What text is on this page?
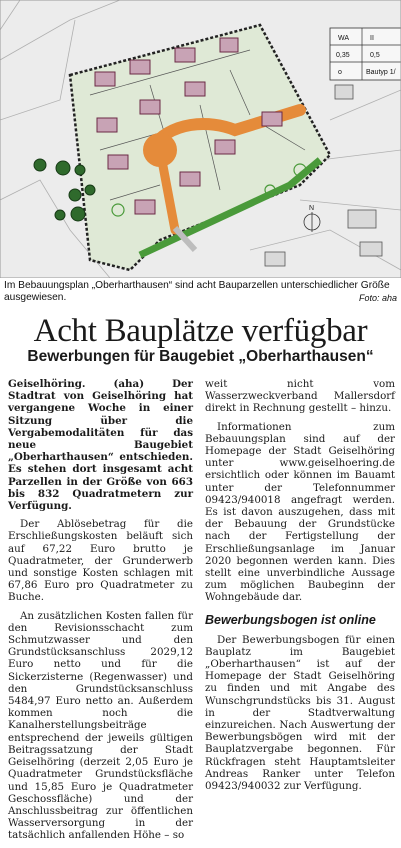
N
WA	II
0,35	0,5
o	Bautyp 1/
Im Bebauungsplan „Oberharthausen“ sind acht Bauparzellen unterschiedlicher Größe ausgewiesen.	Foto: aha
Acht Bauplätze verfügbar
Bewerbungen für Baugebiet „Oberharthausen“

Geiselhöring. (aha) Der Stadtrat von Geiselhöring hat vergangene Woche in einer Sitzung über die Vergabemodalitäten für das neue Baugebiet „Oberharthausen“ entschieden. Es stehen dort insgesamt acht Parzellen in der Größe von 663 bis 832 Quadratmetern zur Verfügung.

Der Ablösebetrag für die Erschließungskosten beläuft sich auf 67,22 Euro brutto je Quadratmeter, der Grunderwerb und sonstige Kosten schlagen mit 67,86 Euro pro Quadratmeter zu Buche.

An zusätzlichen Kosten fallen für den Revisionsschacht zum Schmutzwasser und den Grundstücksanschluss 2029,12 Euro netto und für die Sickerzisterne (Regenwasser) und den Grundstücksanschluss 5484,97 Euro netto an. Außerdem kommen noch die Kanalherstellungsbeiträge entsprechend der jeweils gültigen Beitragssatzung der Stadt Geiselhöring (derzeit 2,05 Euro je Quadratmeter Grundstücksfläche und 15,85 Euro je Quadratmeter Geschossfläche) und der Anschlussbeitrag zur öffentlichen Wasserversorgung in der tatsächlich anfallenden Höhe – so

weit nicht vom Wasserzweckverband Mallersdorf direkt in Rechnung gestellt – hinzu.

Informationen zum Bebauungsplan sind auf der Homepage der Stadt Geiselhöring unter www.geiselhoering.de ersichtlich oder können im Bauamt unter der Telefonnummer 09423/940018 angefragt werden. Es ist davon auszugehen, dass mit der Bebauung der Grundstücke nach der Fertigstellung der Erschließungsanlage im Januar 2020 begonnen werden kann. Dies stellt eine unverbindliche Aussage zum möglichen Baubeginn der Wohngebäude dar.

Bewerbungsbogen ist online

Der Bewerbungsbogen für einen Bauplatz im Baugebiet „Oberharthausen“ ist auf der Homepage der Stadt Geiselhöring zu finden und mit Angabe des Wunschgrundstücks bis 31. August in der Stadtverwaltung einzureichen. Nach Auswertung der Bewerbungsbögen wird mit der Bauplatzvergabe begonnen. Für Rückfragen steht Hauptamtsleiter Andreas Ranker unter Telefon 09423/940032 zur Verfügung.
